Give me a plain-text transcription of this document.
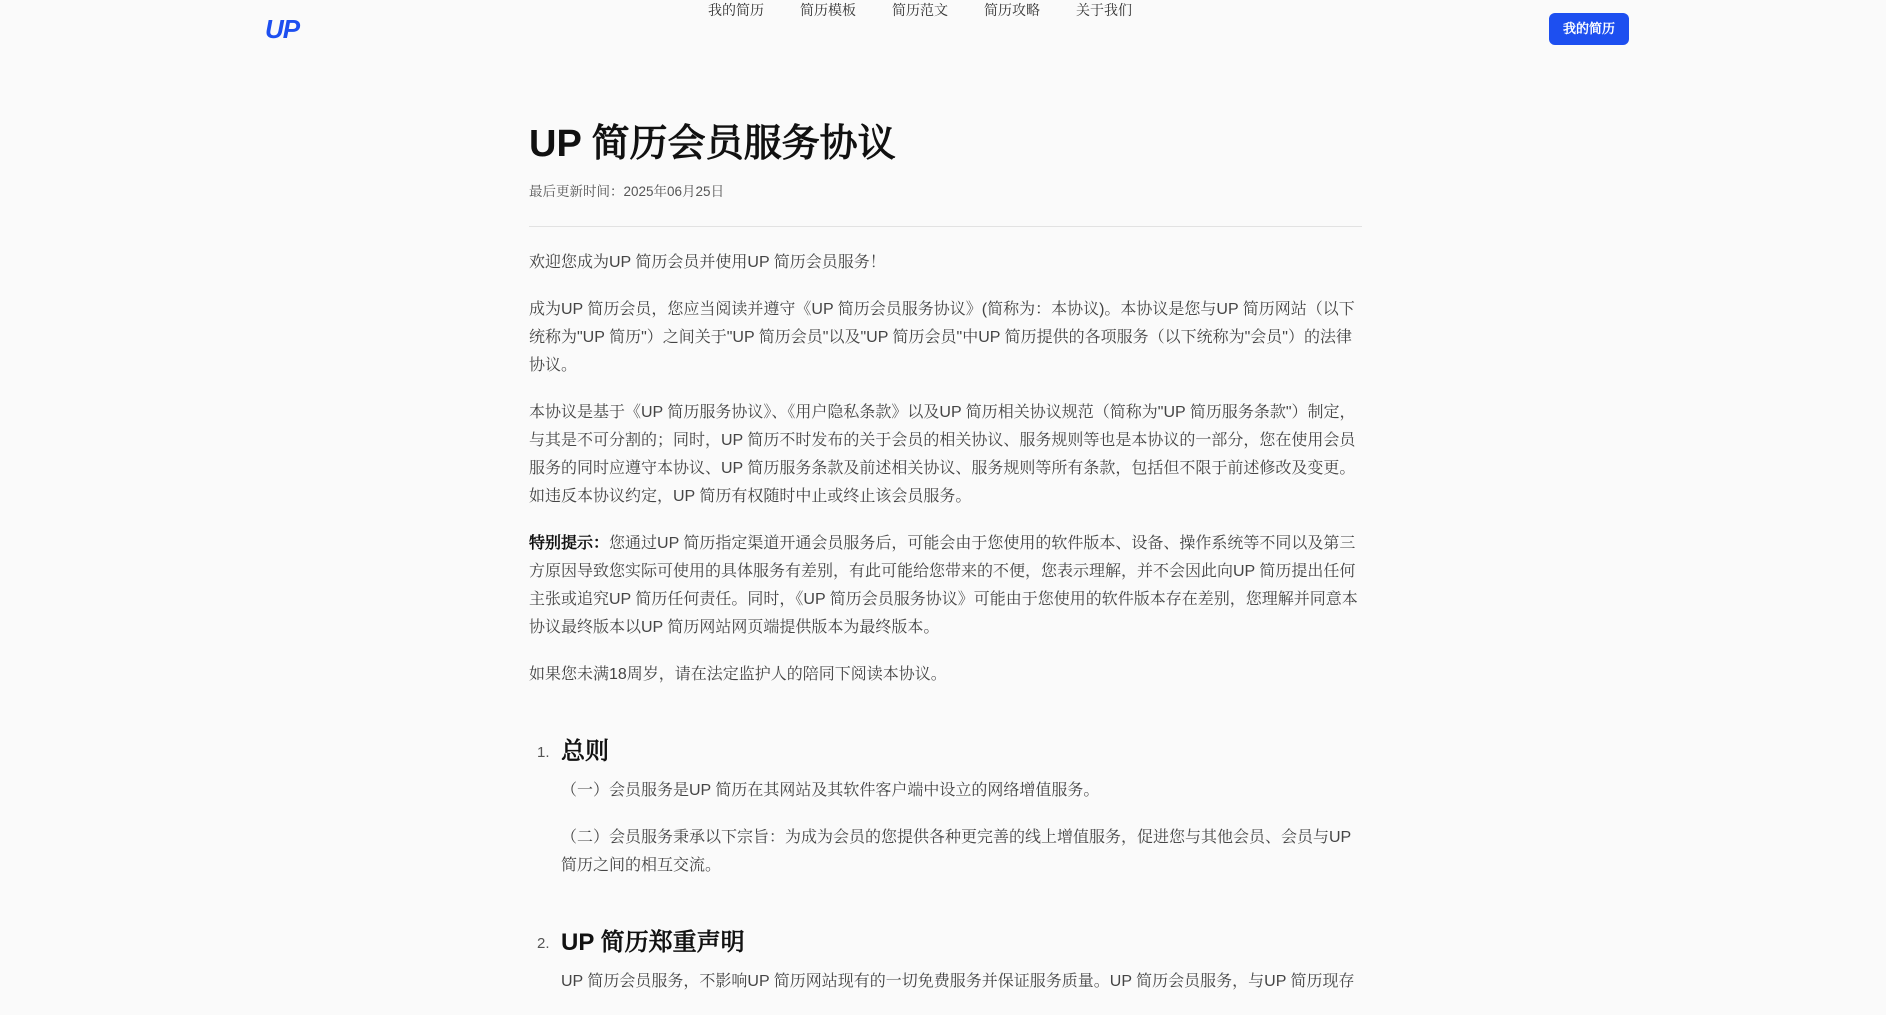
UP
我的简历	简历模板	简历范文	简历攻略	关于我们
我的简历
UP 简历会员服务协议
最后更新时间：2025年06月25日

欢迎您成为UP 简历会员并使用UP 简历会员服务！

成为UP 简历会员，您应当阅读并遵守《UP 简历会员服务协议》(简称为：本协议)。本协议是您与UP 简历网站（以下统称为"UP 简历"）之间关于"UP 简历会员"以及"UP 简历会员"中UP 简历提供的各项服务（以下统称为"会员"）的法律协议。

本协议是基于《UP 简历服务协议》、《用户隐私条款》以及UP 简历相关协议规范（简称为"UP 简历服务条款"）制定，与其是不可分割的；同时，UP 简历不时发布的关于会员的相关协议、服务规则等也是本协议的一部分，您在使用会员服务的同时应遵守本协议、UP 简历服务条款及前述相关协议、服务规则等所有条款，包括但不限于前述修改及变更。如违反本协议约定，UP 简历有权随时中止或终止该会员服务。

特别提示：您通过UP 简历指定渠道开通会员服务后，可能会由于您使用的软件版本、设备、操作系统等不同以及第三方原因导致您实际可使用的具体服务有差别，有此可能给您带来的不便，您表示理解，并不会因此向UP 简历提出任何主张或追究UP 简历任何责任。同时，《UP 简历会员服务协议》可能由于您使用的软件版本存在差别，您理解并同意本协议最终版本以UP 简历网站网页端提供版本为最终版本。

如果您未满18周岁，请在法定监护人的陪同下阅读本协议。

1. 总则

（一）会员服务是UP 简历在其网站及其软件客户端中设立的网络增值服务。

（二）会员服务秉承以下宗旨：为成为会员的您提供各种更完善的线上增值服务，促进您与其他会员、会员与UP 简历之间的相互交流。

2. UP 简历郑重声明

UP 简历会员服务，不影响UP 简历网站现有的一切免费服务并保证服务质量。UP 简历会员服务，与UP 简历现存
